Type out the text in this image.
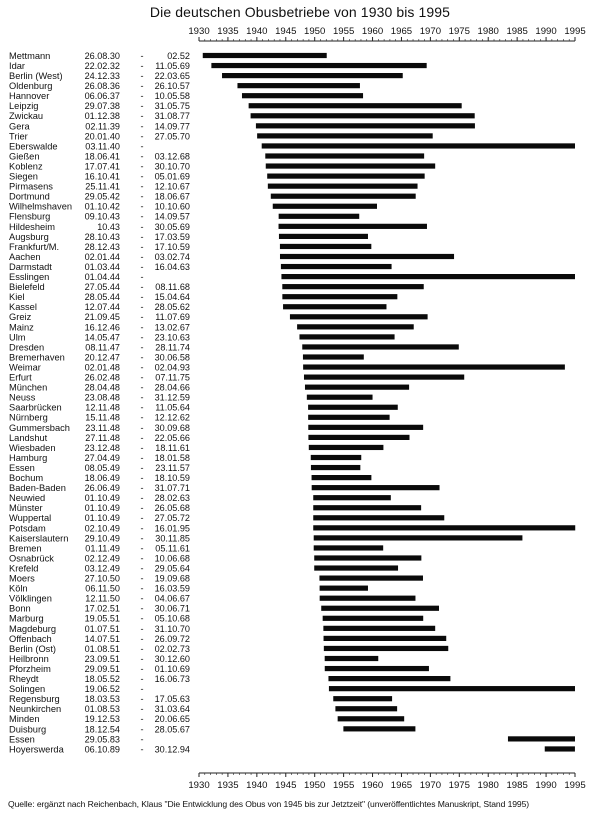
Die deutschen Obusbetriebe von 1930 bis 1995
1930 1935 1940 1945 1950 1955 1960 1965 1970 1975 1980 1985 1990 1995
Mettmann	26.08.30 -	02.52
Idar	22.02.32 - 11.05.69
Berlin (West) 24.12.33 - 22.03.65
Oldenburg	26.08.36 - 26.10.57
Hannover	06.06.37 - 10.05.58
Leipzig	29.07.38 - 31.05.75
Zwickau	01.12.38 - 31.08.77
Gera	02.11.39 - 14.09.77
Trier	20.01.40 - 27.05.70
Eberswalde	03.11.40 -
Gießen	18.06.41 - 03.12.68
Koblenz	17.07.41 - 30.10.70
Siegen	16.10.41 - 05.01.69
Pirmasens	25.11.41 - 12.10.67
Dortmund	29.05.42 - 18.06.67
Wilhelmshaven 01.10.42 - 10.10.60
Flensburg	09.10.43 - 14.09.57
Hildesheim	10.43 - 30.05.69
Augsburg	28.10.43 - 17.03.59
Frankfurt/M.	28.12.43 - 17.10.59
Aachen	02.01.44 - 03.02.74
Darmstadt	01.03.44 - 16.04.63
Esslingen	01.04.44 -
Bielefeld	27.05.44 - 08.11.68
Kiel	28.05.44 - 15.04.64
Kassel	12.07.44 - 28.05.62
Greiz	21.09.45 - 11.07.69
Mainz	16.12.46 - 13.02.67
Ulm	14.05.47 - 23.10.63
Dresden	08.11.47 - 28.11.74
Bremerhaven 20.12.47 - 30.06.58
Weimar	02.01.48 - 02.04.93
Erfurt	26.02.48 - 07.11.75
München	28.04.48 - 28.04.66
Neuss	23.08.48 - 31.12.59
Saarbrücken	12.11.48 - 11.05.64
Nürnberg	15.11.48 - 12.12.62
Gummersbach 23.11.48 - 30.09.68
Landshut	27.11.48 - 22.05.66
Wiesbaden	23.12.48 - 18.11.61
Hamburg	27.04.49 - 18.01.58
Essen	08.05.49 - 23.11.57
Bochum	18.06.49 - 18.10.59
Baden-Baden 26.06.49 - 31.07.71
Neuwied	01.10.49 - 28.02.63
Münster	01.10.49 - 26.05.68
Wuppertal	01.10.49 - 27.05.72
Potsdam	02.10.49 - 16.01.95
Kaiserslautern 29.10.49 - 30.11.85
Bremen	01.11.49 - 05.11.61
Osnabrück	02.12.49 - 10.06.68
Krefeld	03.12.49 - 29.05.64
Moers	27.10.50 - 19.09.68
Köln	06.11.50 - 16.03.59
Völklingen	12.11.50 - 04.06.67
Bonn	17.02.51 - 30.06.71
Marburg	19.05.51 - 05.10.68
Magdeburg	01.07.51 - 31.10.70
Offenbach	14.07.51 - 26.09.72
Berlin (Ost)	01.08.51 - 02.02.73
Heilbronn	23.09.51 - 30.12.60
Pforzheim	29.09.51 - 01.10.69
Rheydt	18.05.52 - 16.06.73
Solingen	19.06.52 -
Regensburg	18.03.53 - 17.05.63
Neunkirchen	01.08.53 - 31.03.64
Minden	19.12.53 - 20.06.65
Duisburg	18.12.54 - 28.05.67
Essen	29.05.83 -
Hoyerswerda 06.10.89 - 30.12.94
1930 1935 1940 1945 1950 1955 1960 1965 1970 1975 1980 1985 1990 1995
Quelle: ergänzt nach Reichenbach, Klaus "Die Entwicklung des Obus von 1945 bis zur Jetztzeit" (unveröffentlichtes Manuskript, Stand 1995)
